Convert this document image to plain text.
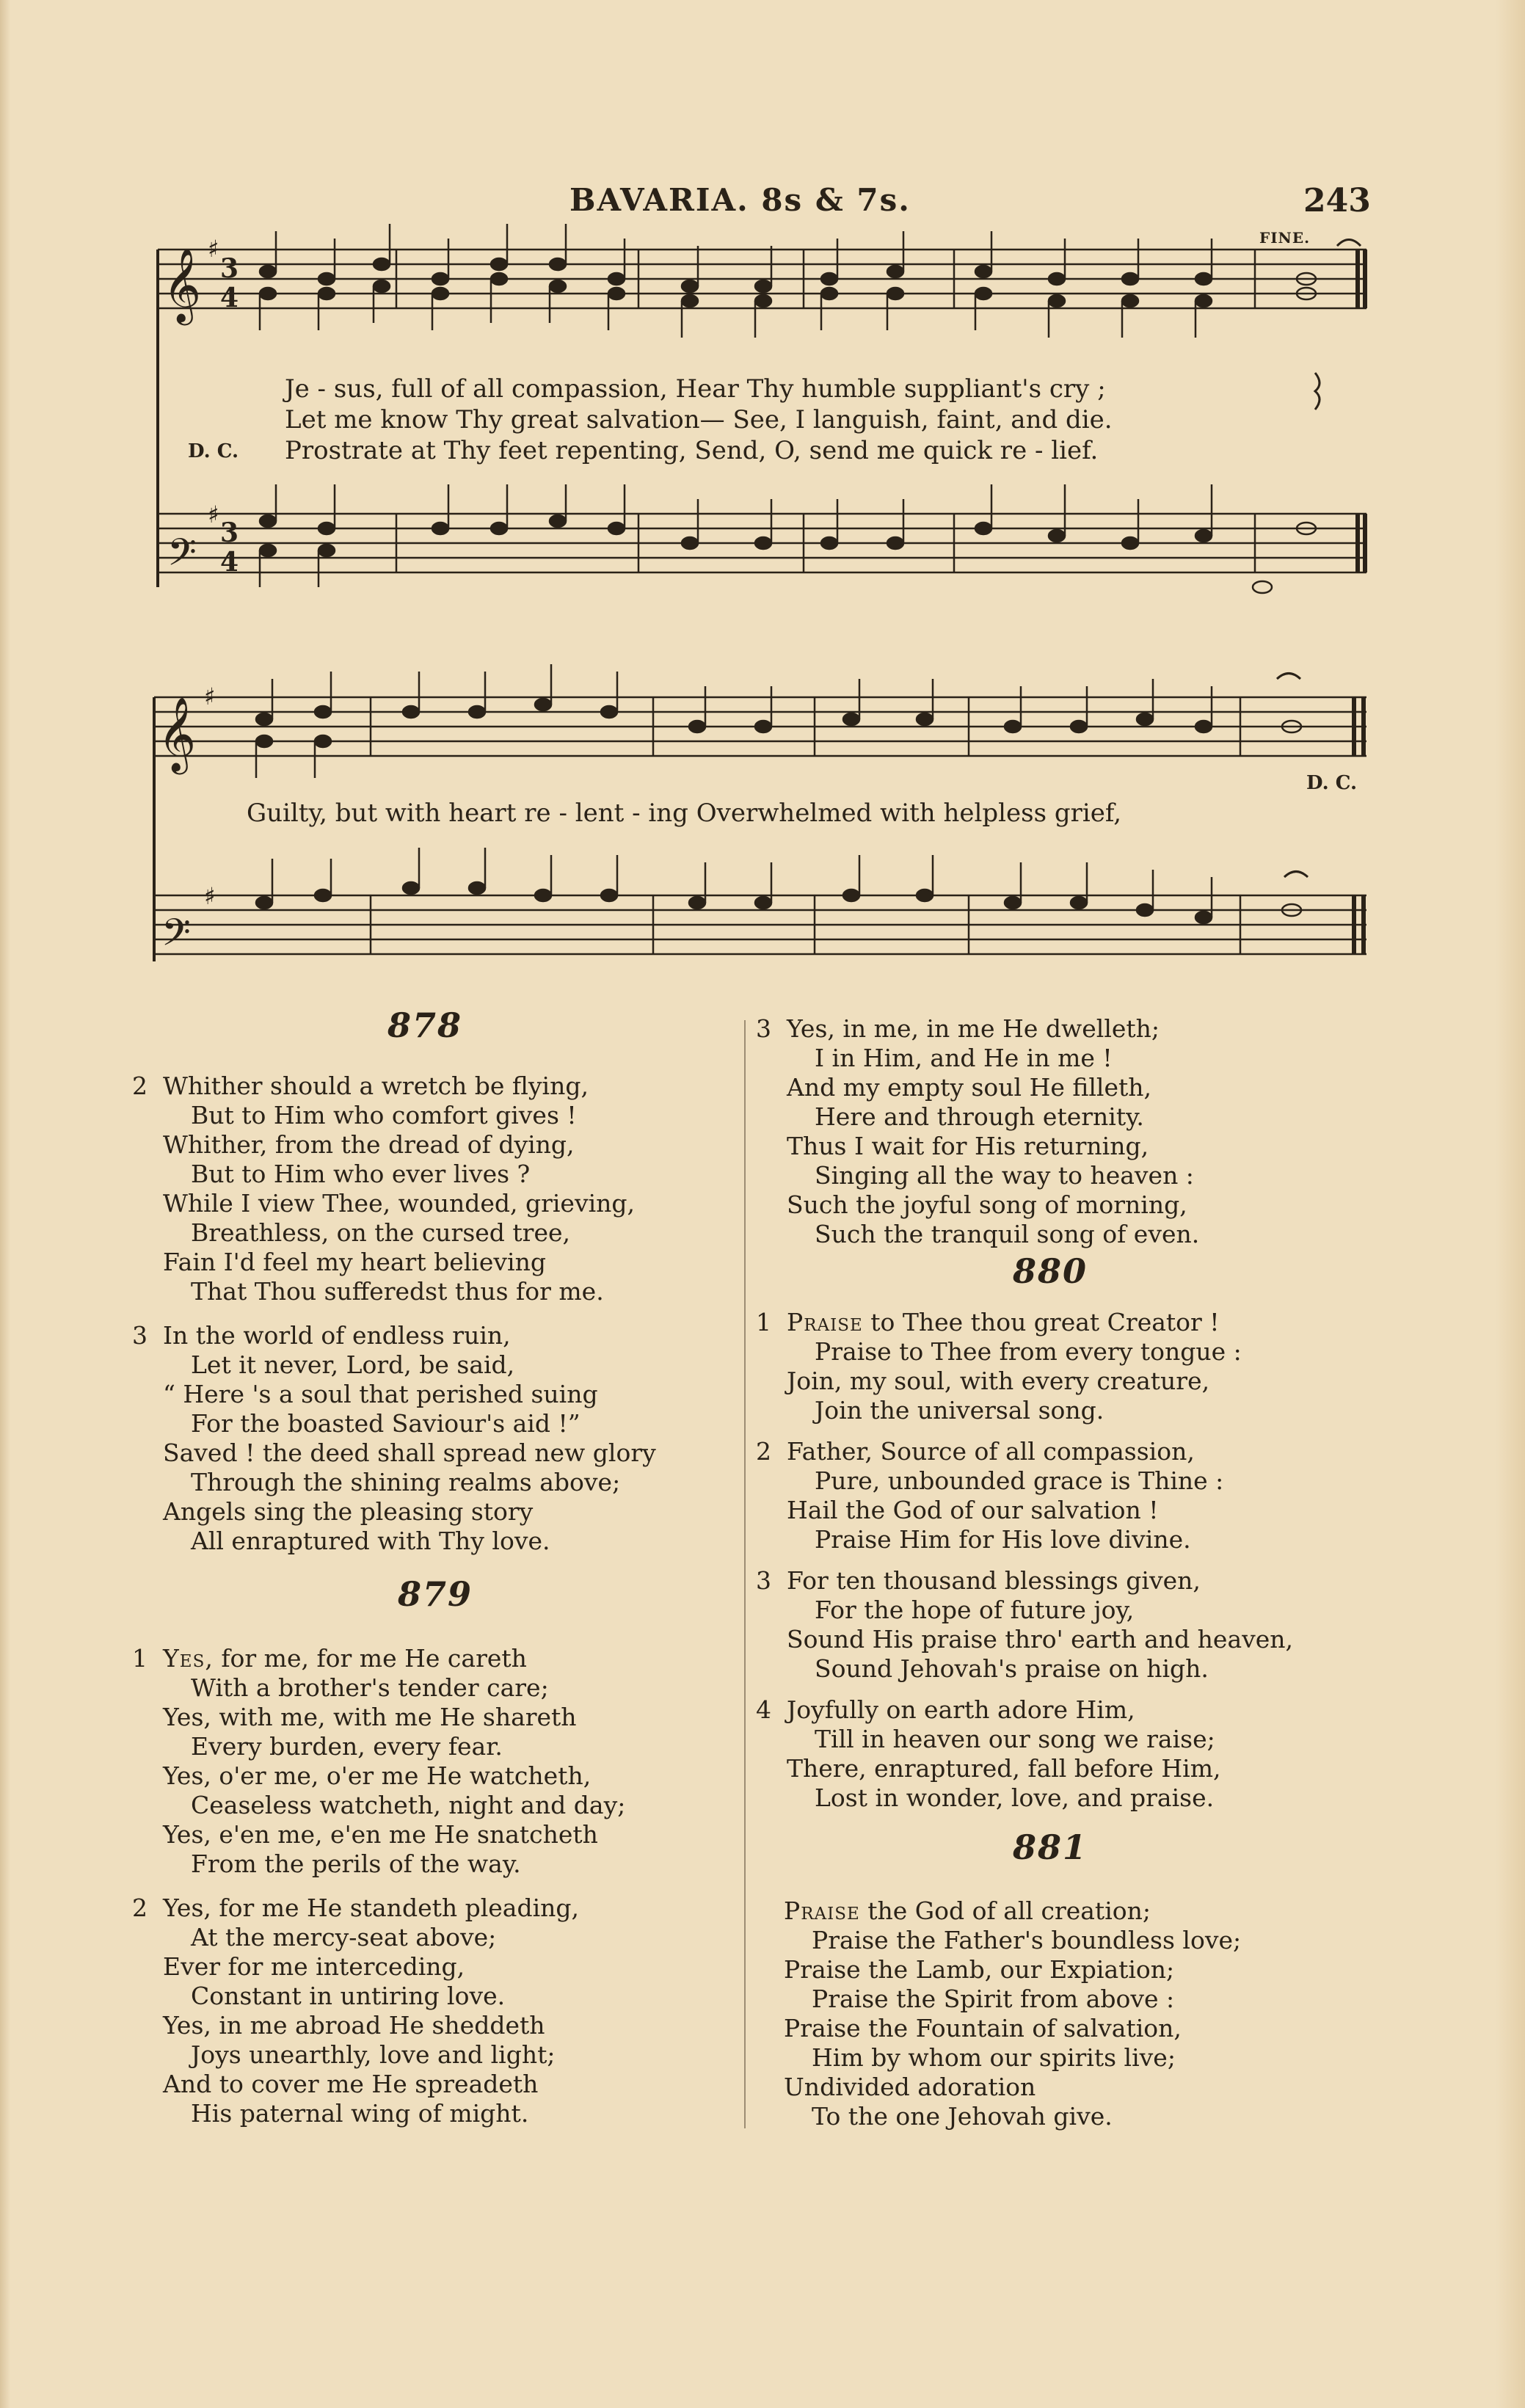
BAVARIA. 8s & 7s.	243
FINE.
𝄞
𝄢
𝄞
𝄢
3
4
3
4
♯
♯
♯
♯
Je - sus, full of all compassion, Hear Thy humble suppliant's cry ;
Let me know Thy great salvation— See, I languish, faint, and die.
D. C. Prostrate at Thy feet repenting, Send, O, send me quick re - lief.
Guilty, but with heart re - lent - ing Overwhelmed with helpless grief,
D. C.
878
2 Whither should a wretch be flying,
But to Him who comfort gives !
Whither, from the dread of dying,
But to Him who ever lives ?
While I view Thee, wounded, grieving,
Breathless, on the cursed tree,
Fain I'd feel my heart believing
That Thou sufferedst thus for me.
3 In the world of endless ruin,
Let it never, Lord, be said,
“ Here 's a soul that perished suing
For the boasted Saviour's aid !”
Saved ! the deed shall spread new glory
Through the shining realms above;
Angels sing the pleasing story
All enraptured with Thy love.
879
1 Yes, for me, for me He careth
With a brother's tender care;
Yes, with me, with me He shareth
Every burden, every fear.
Yes, o'er me, o'er me He watcheth,
Ceaseless watcheth, night and day;
Yes, e'en me, e'en me He snatcheth
From the perils of the way.
2 Yes, for me He standeth pleading,
At the mercy-seat above;
Ever for me interceding,
Constant in untiring love.
Yes, in me abroad He sheddeth
Joys unearthly, love and light;
And to cover me He spreadeth
His paternal wing of might.
3 Yes, in me, in me He dwelleth;
I in Him, and He in me !
And my empty soul He filleth,
Here and through eternity.
Thus I wait for His returning,
Singing all the way to heaven :
Such the joyful song of morning,
Such the tranquil song of even.
880
1 Praise to Thee thou great Creator !
Praise to Thee from every tongue :
Join, my soul, with every creature,
Join the universal song.
2 Father, Source of all compassion,
Pure, unbounded grace is Thine :
Hail the God of our salvation !
Praise Him for His love divine.
3 For ten thousand blessings given,
For the hope of future joy,
Sound His praise thro' earth and heaven,
Sound Jehovah's praise on high.
4 Joyfully on earth adore Him,
Till in heaven our song we raise;
There, enraptured, fall before Him,
Lost in wonder, love, and praise.
881
Praise the God of all creation;
Praise the Father's boundless love;
Praise the Lamb, our Expiation;
Praise the Spirit from above :
Praise the Fountain of salvation,
Him by whom our spirits live;
Undivided adoration
To the one Jehovah give.
